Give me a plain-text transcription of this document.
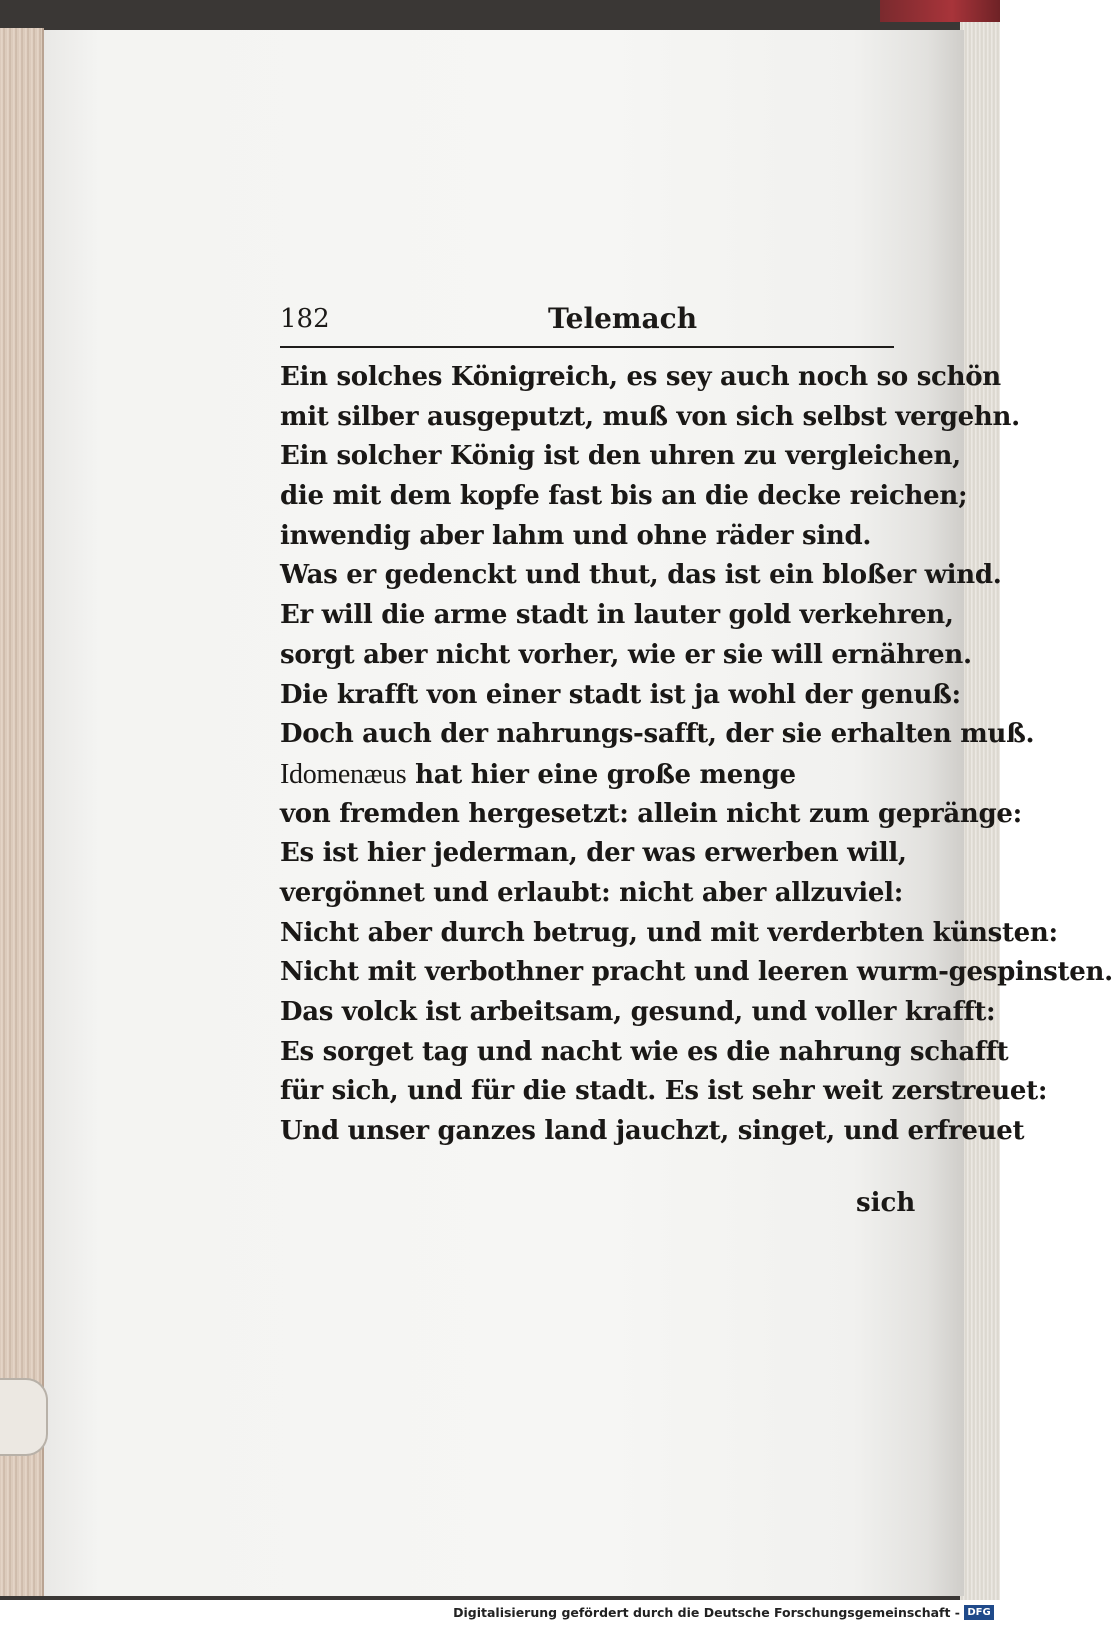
182	Telemach
Ein solches Königreich, es sey auch noch so schön
mit silber ausgeputzt, muß von sich selbst vergehn.
Ein solcher König ist den uhren zu vergleichen,
die mit dem kopfe fast bis an die decke reichen;
inwendig aber lahm und ohne räder sind.
Was er gedenckt und thut, das ist ein bloßer wind.
Er will die arme stadt in lauter gold verkehren,
sorgt aber nicht vorher, wie er sie will ernähren.
Die krafft von einer stadt ist ja wohl der genuß:
Doch auch der nahrungs-safft, der sie erhalten muß.
Idomenæus hat hier eine große menge
von fremden hergesetzt: allein nicht zum gepränge:
Es ist hier jederman, der was erwerben will,
vergönnet und erlaubt: nicht aber allzuviel:
Nicht aber durch betrug, und mit verderbten künsten:
Nicht mit verbothner pracht und leeren wurm-gespinsten.
Das volck ist arbeitsam, gesund, und voller krafft:
Es sorget tag und nacht wie es die nahrung schafft
für sich, und für die stadt. Es ist sehr weit zerstreuet:
Und unser ganzes land jauchzt, singet, und erfreuet
sich
Digitalisierung gefördert durch die Deutsche Forschungsgemeinschaft - DFG
